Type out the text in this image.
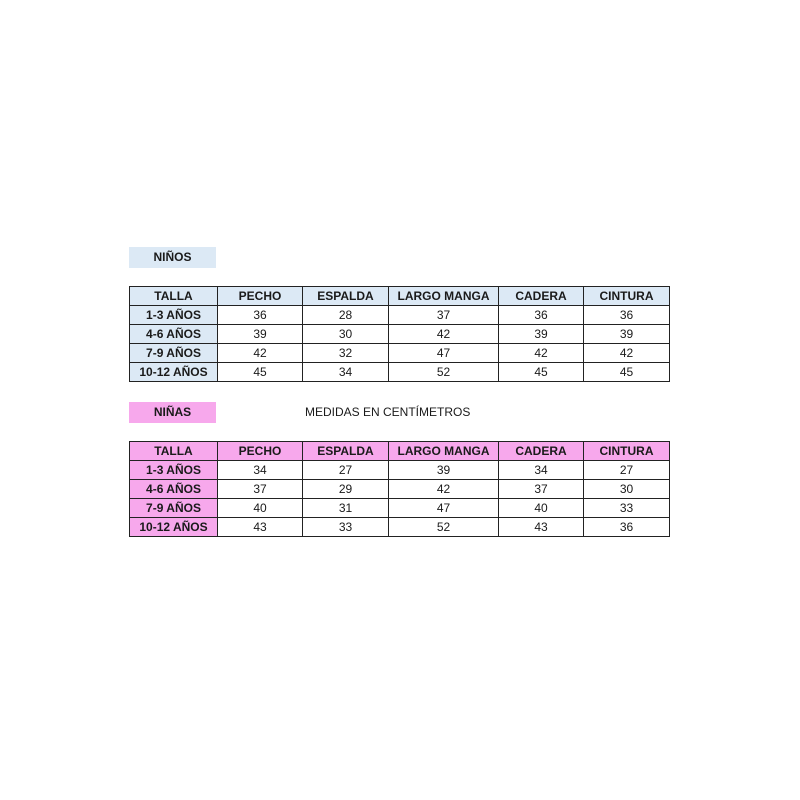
NIÑOS
TALLA	PECHO	ESPALDA	LARGO MANGA	CADERA	CINTURA
1-3 AÑOS	36	28	37	36	36
4-6 AÑOS	39	30	42	39	39
7-9 AÑOS	42	32	47	42	42
10-12 AÑOS	45	34	52	45	45
NIÑAS	MEDIDAS EN CENTÍMETROS
TALLA	PECHO	ESPALDA	LARGO MANGA	CADERA	CINTURA
1-3 AÑOS	34	27	39	34	27
4-6 AÑOS	37	29	42	37	30
7-9 AÑOS	40	31	47	40	33
10-12 AÑOS	43	33	52	43	36
